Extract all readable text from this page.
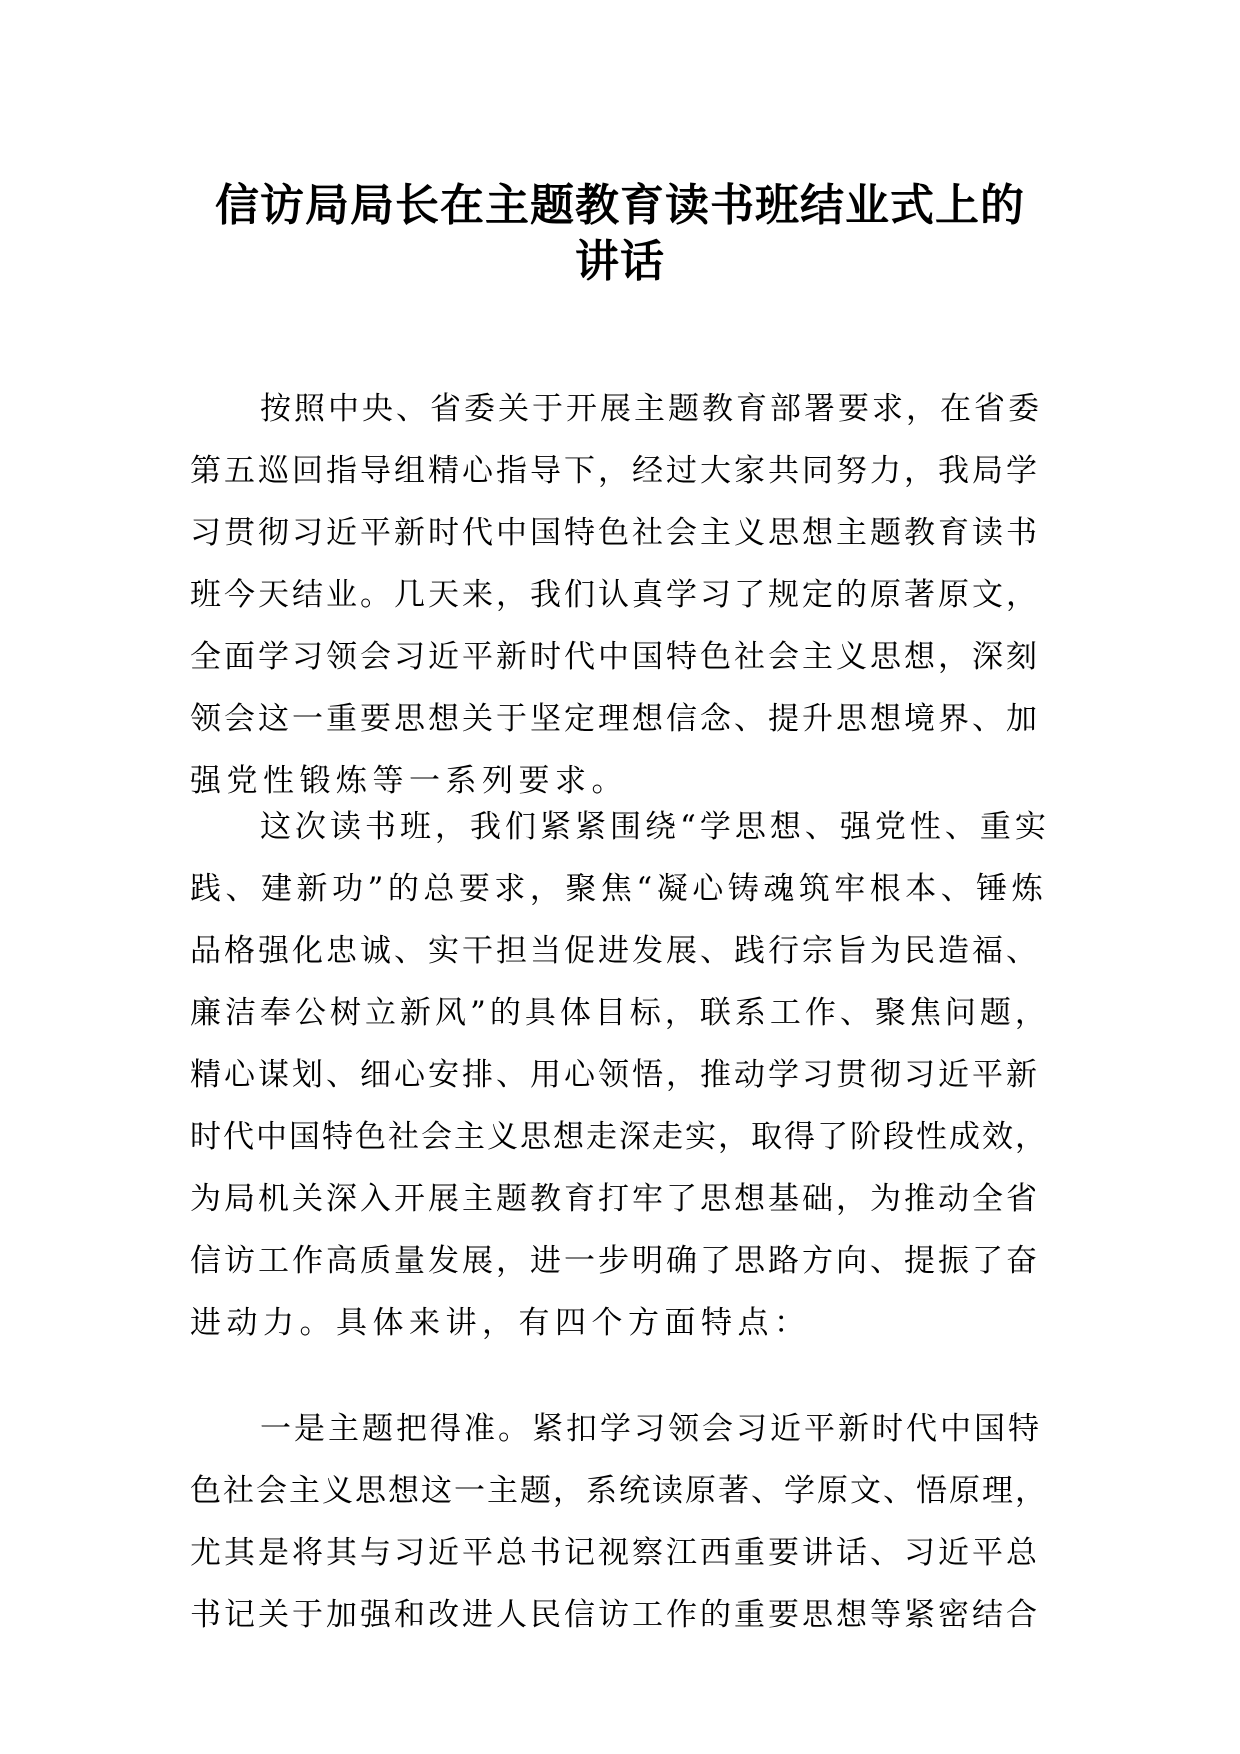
信访局局长在主题教育读书班结业式上的
讲话
按照中央、省委关于开展主题教育部署要求，在省委
第五巡回指导组精心指导下，经过大家共同努力，我局学
习贯彻习近平新时代中国特色社会主义思想主题教育读书
班今天结业。几天来，我们认真学习了规定的原著原文，
全面学习领会习近平新时代中国特色社会主义思想，深刻
领会这一重要思想关于坚定理想信念、提升思想境界、加
强党性锻炼等一系列要求。
这次读书班，我们紧紧围绕“学思想、强党性、重实
践、建新功”的总要求，聚焦“凝心铸魂筑牢根本、锤炼
品格强化忠诚、实干担当促进发展、践行宗旨为民造福、
廉洁奉公树立新风”的具体目标，联系工作、聚焦问题，
精心谋划、细心安排、用心领悟，推动学习贯彻习近平新
时代中国特色社会主义思想走深走实，取得了阶段性成效，
为局机关深入开展主题教育打牢了思想基础，为推动全省
信访工作高质量发展，进一步明确了思路方向、提振了奋
进动力。具体来讲，有四个方面特点：
一是主题把得准。紧扣学习领会习近平新时代中国特
色社会主义思想这一主题，系统读原著、学原文、悟原理，
尤其是将其与习近平总书记视察江西重要讲话、习近平总
书记关于加强和改进人民信访工作的重要思想等紧密结合
